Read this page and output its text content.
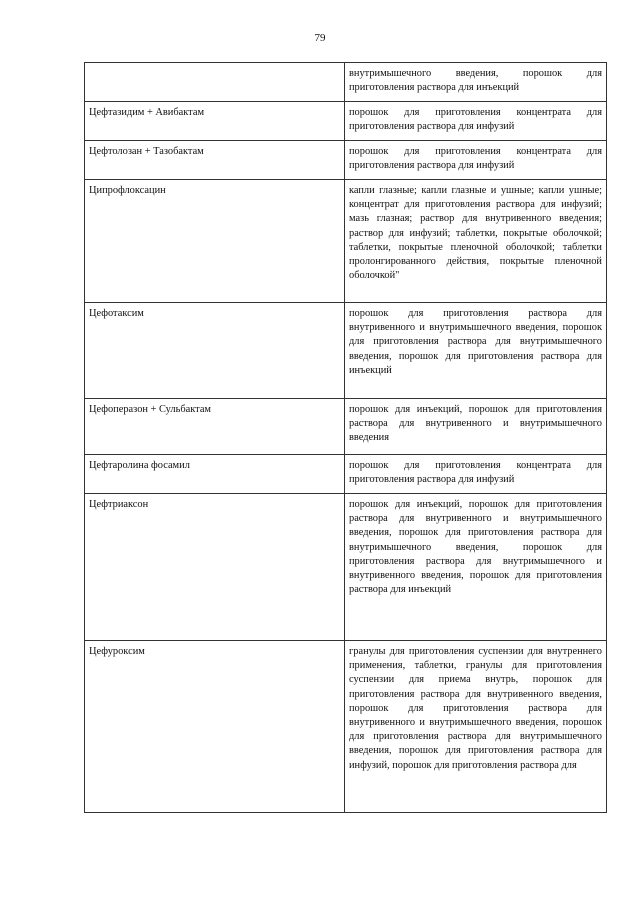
79

	внутримышечного введения, порошок для приготовления раствора для инъекций

Цефтазидим + Авибактам	порошок для приготовления концентрата для приготовления раствора для инфузий

Цефтолозан + Тазобактам	порошок для приготовления концентрата для приготовления раствора для инфузий

Ципрофлоксацин	капли глазные; капли глазные и ушные; капли ушные; концентрат для приготовления раствора для инфузий; мазь глазная; раствор для внутривенного введения; раствор для инфузий; таблетки, покрытые оболочкой; таблетки, покрытые пленочной оболочкой; таблетки пролонгированного действия, покрытые пленочной оболочкой"

Цефотаксим	порошок для приготовления раствора для внутривенного и внутримышечного введения, порошок для приготовления раствора для внутримышечного введения, порошок для приготовления раствора для инъекций

Цефоперазон + Сульбактам	порошок для инъекций, порошок для приготовления раствора для внутривенного и внутримышечного введения

Цефтаролина фосамил	порошок для приготовления концентрата для приготовления раствора для инфузий

Цефтриаксон	порошок для инъекций, порошок для приготовления раствора для внутривенного и внутримышечного введения, порошок для приготовления раствора для внутримышечного введения, порошок для приготовления раствора для внутримышечного и внутривенного введения, порошок для приготовления раствора для инъекций

Цефуроксим	гранулы для приготовления суспензии для внутреннего применения, таблетки, гранулы для приготовления суспензии для приема внутрь, порошок для приготовления раствора для внутривенного введения, порошок для приготовления раствора для внутривенного и внутримышечного введения, порошок для приготовления раствора для внутримышечного введения, порошок для приготовления раствора для инфузий, порошок для приготовления раствора для
